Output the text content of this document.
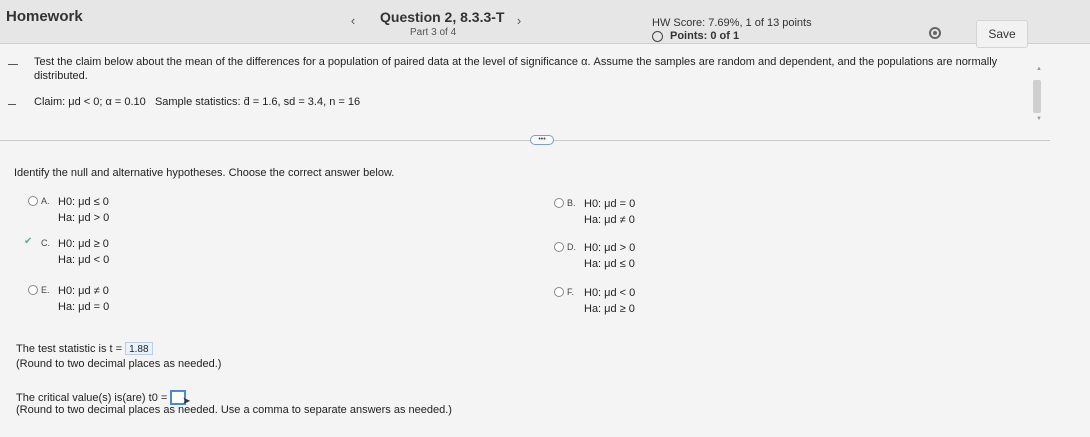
Homework	‹	Question 2, 8.3.3-T
Part 3 of 4
›	HW Score: 7.69%, 1 of 13 points
Points: 0 of 1	Save
Test the claim below about the mean of the differences for a population of paired data at the level of significance α. Assume the samples are random and dependent, and the populations are normally distributed.
Claim: μd < 0; α = 0.10 Sample statistics: d̄ = 1.6, sd = 3.4, n = 16
▲
▼
•••
Identify the null and alternative hypotheses. Choose the correct answer below.
A. H0: μd ≤ 0
Ha: μd > 0
B. H0: μd = 0
Ha: μd ≠ 0
✔ C. H0: μd ≥ 0
Ha: μd < 0
D. H0: μd > 0
Ha: μd ≤ 0
E. H0: μd ≠ 0
Ha: μd = 0
F. H0: μd < 0
Ha: μd ≥ 0
The test statistic is t = 1.88
(Round to two decimal places as needed.)
The critical value(s) is(are) t0 = ➤
(Round to two decimal places as needed. Use a comma to separate answers as needed.)
